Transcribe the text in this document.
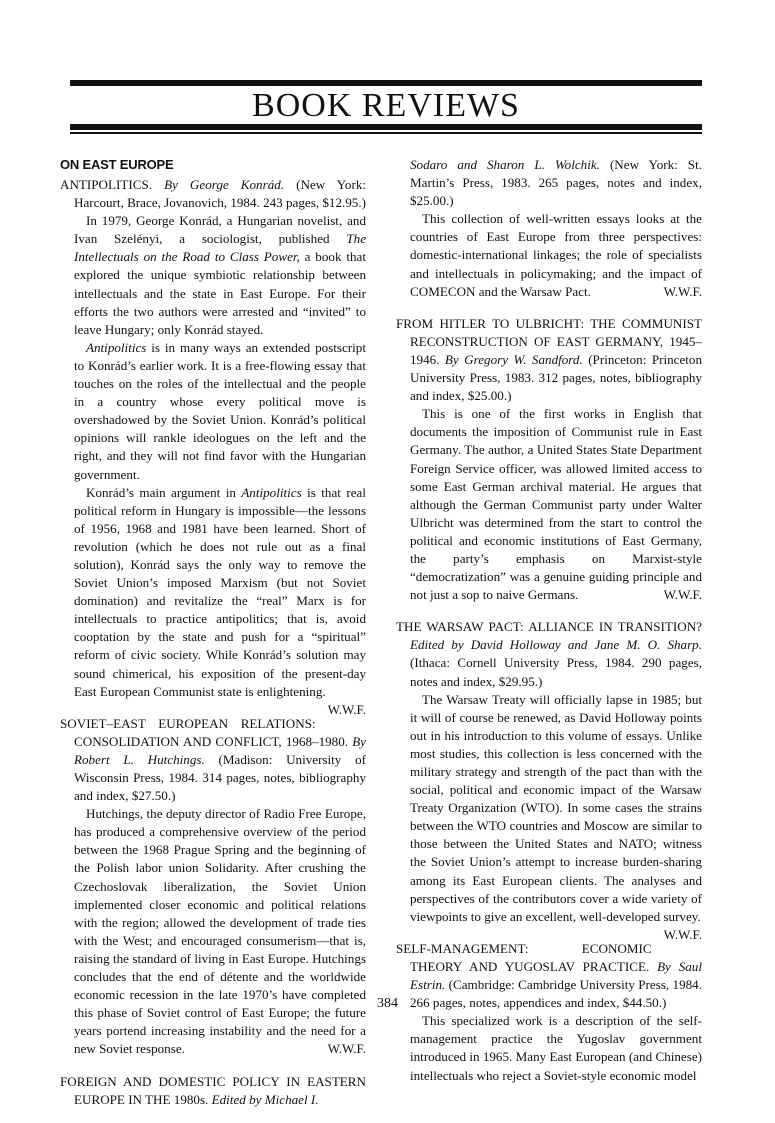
BOOK REVIEWS
ON EAST EUROPE

ANTIPOLITICS. By George Konrád. (New York: Harcourt, Brace, Jovanovich, 1984. 243 pages, $12.95.)

In 1979, George Konrád, a Hungarian novelist, and Ivan Szelényi, a sociologist, published The Intellectuals on the Road to Class Power, a book that explored the unique symbiotic relationship between intellectuals and the state in East Europe. For their efforts the two authors were arrested and “invited” to leave Hungary; only Konrád stayed.

Antipolitics is in many ways an extended postscript to Konrád’s earlier work. It is a free-flowing essay that touches on the roles of the intellectual and the people in a country whose every political move is overshadowed by the Soviet Union. Konrád’s political opinions will rankle ideologues on the left and the right, and they will not find favor with the Hungarian government.

Konrád’s main argument in Antipolitics is that real political reform in Hungary is impossible—the lessons of 1956, 1968 and 1981 have been learned. Short of revolution (which he does not rule out as a final solution), Konrád says the only way to remove the Soviet Union’s imposed Marxism (but not Soviet domination) and revitalize the “real” Marx is for intellectuals to practice antipolitics; that is, avoid cooptation by the state and push for a “spiritual” reform of civic society. While Konrád’s solution may sound chimerical, his exposition of the present-day East European Communist state is enlightening.
W.W.F.

SOVIET–EAST EUROPEAN RELATIONS: CONSOLIDATION AND CONFLICT, 1968–1980. By Robert L. Hutchings. (Madison: University of Wisconsin Press, 1984. 314 pages, notes, bibliography and index, $27.50.)

Hutchings, the deputy director of Radio Free Europe, has produced a comprehensive overview of the period between the 1968 Prague Spring and the beginning of the Polish labor union Solidarity. After crushing the Czechoslovak liberalization, the Soviet Union implemented closer economic and political relations with the region; allowed the development of trade ties with the West; and encouraged consumerism—that is, raising the standard of living in East Europe. Hutchings concludes that the end of détente and the worldwide economic recession in the late 1970’s have completed this phase of Soviet control of East Europe; the future years portend increasing instability and the need for a new Soviet response.	W.W.F.

FOREIGN AND DOMESTIC POLICY IN EASTERN EUROPE IN THE 1980s. Edited by Michael I.

Sodaro and Sharon L. Wolchik. (New York: St. Martin’s Press, 1983. 265 pages, notes and index, $25.00.)

This collection of well-written essays looks at the countries of East Europe from three perspectives: domestic-international linkages; the role of specialists and intellectuals in policymaking; and the impact of COMECON and the Warsaw Pact.	W.W.F.

FROM HITLER TO ULBRICHT: THE COMMUNIST RECONSTRUCTION OF EAST GERMANY, 1945–1946. By Gregory W. Sandford. (Princeton: Princeton University Press, 1983. 312 pages, notes, bibliography and index, $25.00.)

This is one of the first works in English that documents the imposition of Communist rule in East Germany. The author, a United States State Department Foreign Service officer, was allowed limited access to some East German archival material. He argues that although the German Communist party under Walter Ulbricht was determined from the start to control the political and economic institutions of East Germany, the party’s emphasis on Marxist-style “democratization” was a genuine guiding principle and not just a sop to naive Germans.	W.W.F.

THE WARSAW PACT: ALLIANCE IN TRANSITION? Edited by David Holloway and Jane M. O. Sharp. (Ithaca: Cornell University Press, 1984. 290 pages, notes and index, $29.95.)

The Warsaw Treaty will officially lapse in 1985; but it will of course be renewed, as David Holloway points out in his introduction to this volume of essays. Unlike most studies, this collection is less concerned with the military strategy and strength of the pact than with the social, political and economic impact of the Warsaw Treaty Organization (WTO). In some cases the strains between the WTO countries and Moscow are similar to those between the United States and NATO; witness the Soviet Union’s attempt to increase burden-sharing among its East European clients. The analyses and perspectives of the contributors cover a wide variety of viewpoints to give an excellent, well-developed survey.
W.W.F.

SELF-MANAGEMENT: ECONOMIC THEORY AND YUGOSLAV PRACTICE. By Saul Estrin. (Cambridge: Cambridge University Press, 1984. 266 pages, notes, appendices and index, $44.50.)

This specialized work is a description of the self-management practice the Yugoslav government introduced in 1965. Many East European (and Chinese) intellectuals who reject a Soviet-style economic model

384
